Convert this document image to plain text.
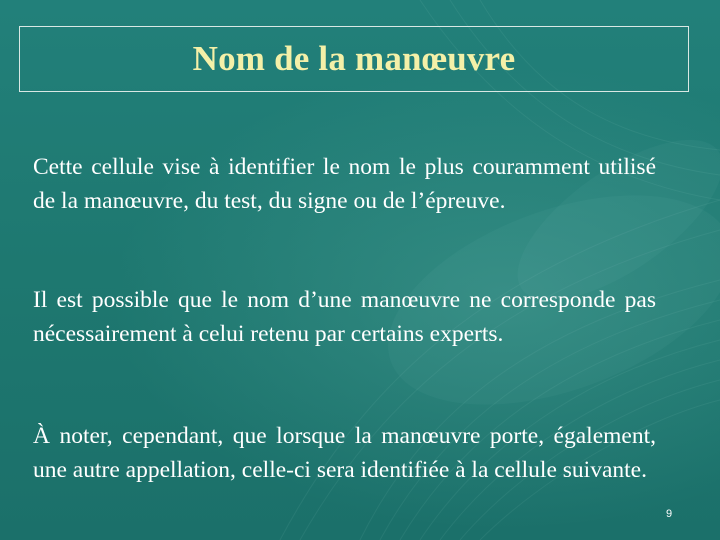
Nom de la manœuvre

Cette cellule vise à identifier le nom le plus couramment utilisé de la manœuvre, du test, du signe ou de l’épreuve.

Il est possible que le nom d’une manœuvre ne corresponde pas nécessairement à celui retenu par certains experts.

À noter, cependant, que lorsque la manœuvre porte, également, une autre appellation, celle-ci sera identifiée à la cellule suivante.

9
